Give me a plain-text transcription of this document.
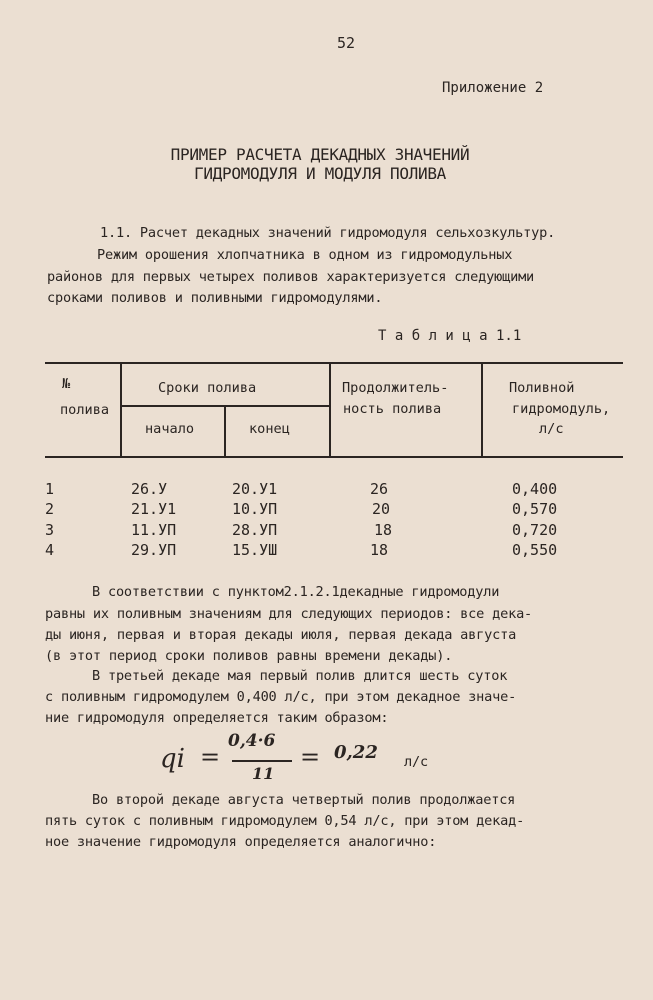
52
Приложение 2
ПРИМЕР РАСЧЕТА ДЕКАДНЫХ ЗНАЧЕНИЙ
ГИДРОМОДУЛЯ И МОДУЛЯ ПОЛИВА
1.1. Расчет декадных значений гидромодуля сельхозкультур.
Режим орошения хлопчатника в одном из гидромодульных
районов для первых четырех поливов характеризуется следующими
сроками поливов и поливными гидромодулями.
Т а б л и ц а 1.1
№
полива
Сроки полива
начало	конец
Продолжитель-
ность полива
Поливной
гидромодуль,
л/с
1	26.У	20.У1	26	0,400
2	21.У1	10.УП	20	0,570
3	11.УП	28.УП	18	0,720
4	29.УП	15.УШ	18	0,550
В соответствии с пунктом2.1.2.1декадные гидромодули
равны их поливным значениям для следующих периодов: все дека-
ды июня, первая и вторая декады июля, первая декада августа
(в этот период сроки поливов равны времени декады).
В третьей декаде мая первый полив длится шесть суток
с поливным гидромодулем 0,400 л/с, при этом декадное значе-
ние гидромодуля определяется таким образом:
qi =
0,4·6
11
= 0,22 л/с
Во второй декаде августа четвертый полив продолжается
пять суток с поливным гидромодулем 0,54 л/с, при этом декад-
ное значение гидромодуля определяется аналогично:
